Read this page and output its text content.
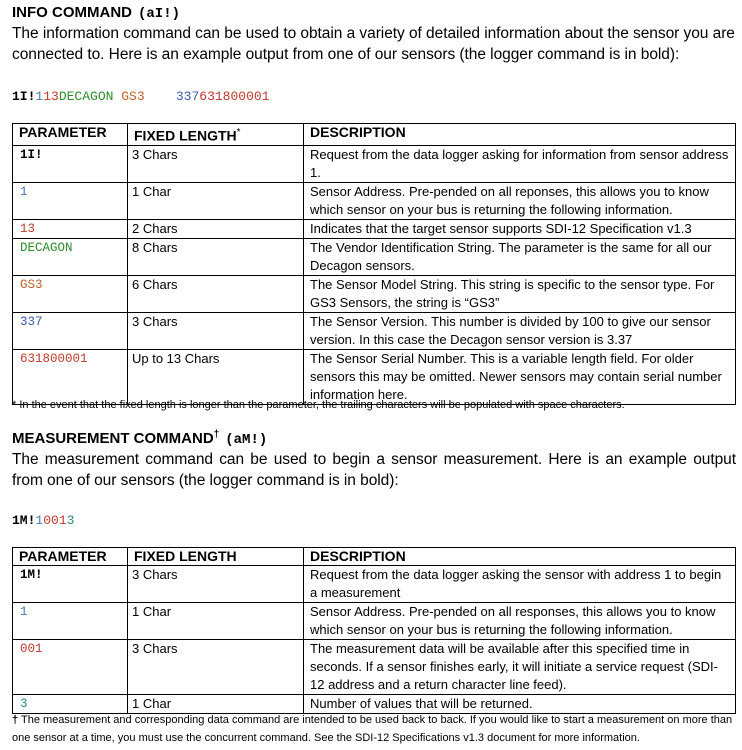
INFO COMMAND (aI!)
The information command can be used to obtain a variety of detailed information about the sensor you are connected to. Here is an example output from one of our sensors (the logger command is in bold):
1I!113DECAGON GS3 337631800001
PARAMETER	FIXED LENGTH*	DESCRIPTION
1I!	3 Chars	Request from the data logger asking for information from sensor address 1.
1	1 Char	Sensor Address. Pre-pended on all reponses, this allows you to know which sensor on your bus is returning the following information.
13	2 Chars	Indicates that the target sensor supports SDI-12 Specification v1.3
DECAGON	8 Chars	The Vendor Identification String. The parameter is the same for all our Decagon sensors.
GS3	6 Chars	The Sensor Model String. This string is specific to the sensor type. For GS3 Sensors, the string is “GS3”
337	3 Chars	The Sensor Version. This number is divided by 100 to give our sensor version. In this case the Decagon sensor version is 3.37
631800001	Up to 13 Chars	The Sensor Serial Number. This is a variable length field. For older sensors this may be omitted. Newer sensors may contain serial number information here.
* In the event that the fixed length is longer than the parameter, the trailing characters will be populated with space characters.
MEASUREMENT COMMAND† (aM!)
The measurement command can be used to begin a sensor measurement. Here is an example output from one of our sensors (the logger command is in bold):
1M!10013
PARAMETER	FIXED LENGTH	DESCRIPTION
1M!	3 Chars	Request from the data logger asking the sensor with address 1 to begin a measurement
1	1 Char	Sensor Address. Pre-pended on all responses, this allows you to know which sensor on your bus is returning the following information.
001	3 Chars	The measurement data will be available after this specified time in seconds. If a sensor finishes early, it will initiate a service request (SDI-12 address and a return character line feed).
3	1 Char	Number of values that will be returned.
† The measurement and corresponding data command are intended to be used back to back. If you would like to start a measurement on more than one sensor at a time, you must use the concurrent command. See the SDI-12 Specifications v1.3 document for more information.
